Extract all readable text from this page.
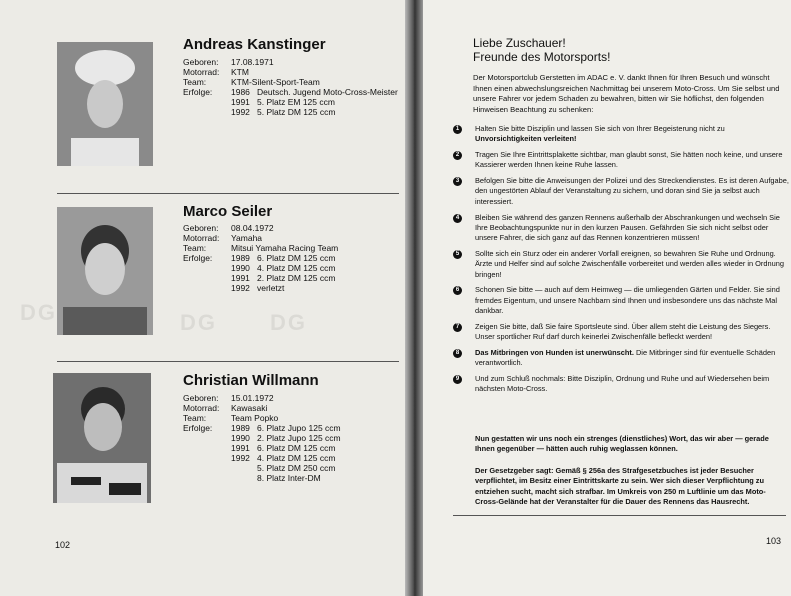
DG	DG DG
Andreas Kanstinger
Geboren:	17.08.1971
Motorrad:	KTM
Team:	KTM-Silent-Sport-Team
Erfolge:	1986 Deutsch. Jugend Moto-Cross-Meister
1991 5. Platz EM 125 ccm
1992 5. Platz DM 125 ccm
Marco Seiler
Geboren:	08.04.1972
Motorrad:	Yamaha
Team:	Mitsui Yamaha Racing Team
Erfolge:	1989 6. Platz DM 125 ccm
1990 4. Platz DM 125 ccm
1991 2. Platz DM 125 ccm
1992 verletzt
Christian Willmann
Geboren:	15.01.1972
Motorrad:	Kawasaki
Team:	Team Popko
Erfolge:	1989 6. Platz Jupo 125 ccm
1990 2. Platz Jupo 125 ccm
1991 6. Platz DM 125 ccm
1992 4. Platz DM 125 ccm
5. Platz DM 250 ccm
8. Platz Inter-DM
102
Liebe Zuschauer!
Freunde des Motorsports!

Der Motorsportclub Gerstetten im ADAC e. V. dankt Ihnen für Ihren Besuch und wünscht Ihnen einen abwechslungsreichen Nachmittag bei unserem Moto-Cross. Um Sie selbst und unsere Fahrer vor jedem Schaden zu bewahren, bitten wir Sie höflichst, den folgenden Hinweisen Beachtung zu schenken:

1	Halten Sie bitte Disziplin und lassen Sie sich von Ihrer Begeisterung nicht zu Unvorsichtigkeiten verleiten!
2	Tragen Sie Ihre Eintrittsplakette sichtbar, man glaubt sonst, Sie hätten noch keine, und unsere Kassierer werden Ihnen keine Ruhe lassen.
3	Befolgen Sie bitte die Anweisungen der Polizei und des Streckendienstes. Es ist deren Aufgabe, den ungestörten Ablauf der Veranstaltung zu sichern, und doran sind Sie ja selbst auch interessiert.
4	Bleiben Sie während des ganzen Rennens außerhalb der Abschrankungen und wechseln Sie Ihre Beobachtungspunkte nur in den kurzen Pausen. Gefährden Sie sich nicht selbst oder unsere Fahrer, die sich ganz auf das Rennen konzentrieren müssen!
5	Sollte sich ein Sturz oder ein anderer Vorfall ereignen, so bewahren Sie Ruhe und Ordnung. Ärzte und Helfer sind auf solche Zwischenfälle vorbereitet und werden alles wieder in Ordnung bringen!
6	Schonen Sie bitte — auch auf dem Heimweg — die umliegenden Gärten und Felder. Sie sind fremdes Eigentum, und unsere Nachbarn sind Ihnen und insbesondere uns das nächste Mal dankbar.
7	Zeigen Sie bitte, daß Sie faire Sportsleute sind. Über allem steht die Leistung des Siegers. Unser sportlicher Ruf darf durch keinerlei Zwischenfälle befleckt werden!
8	Das Mitbringen von Hunden ist unerwünscht. Die Mitbringer sind für eventuelle Schäden verantwortlich.
9	Und zum Schluß nochmals: Bitte Disziplin, Ordnung und Ruhe und auf Wiedersehen beim nächsten Moto-Cross.

Nun gestatten wir uns noch ein strenges (dienstliches) Wort, das wir aber — gerade Ihnen gegenüber — hätten auch ruhig weglassen können.

Der Gesetzgeber sagt: Gemäß § 256a des Strafgesetzbuches ist jeder Besucher verpflichtet, im Besitz einer Eintrittskarte zu sein. Wer sich dieser Verpflichtung zu entziehen sucht, macht sich strafbar. Im Umkreis von 250 m Luftlinie um das Moto-Cross-Gelände hat der Veranstalter für die Dauer des Rennens das Hausrecht.

103
